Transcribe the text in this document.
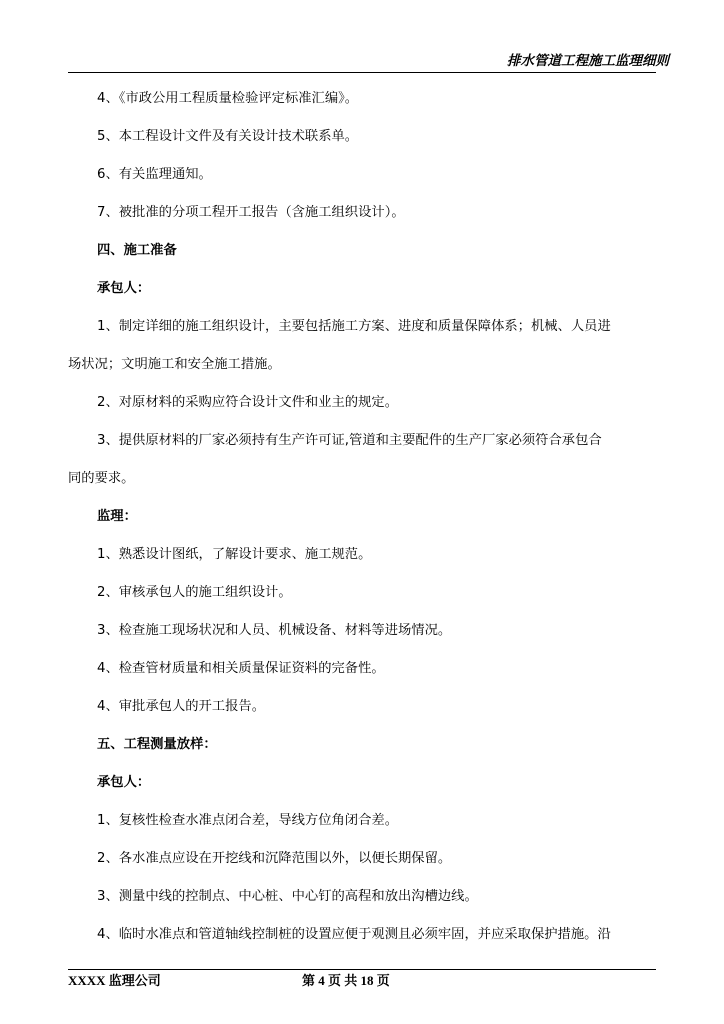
排水管道工程施工监理细则
4、《市政公用工程质量检验评定标准汇编》。
5、本工程设计文件及有关设计技术联系单。
6、有关监理通知。
7、被批准的分项工程开工报告（含施工组织设计）。
四、施工准备
承包人：
1、制定详细的施工组织设计，主要包括施工方案、进度和质量保障体系；机械、人员进
场状况；文明施工和安全施工措施。
2、对原材料的采购应符合设计文件和业主的规定。
3、提供原材料的厂家必须持有生产许可证,管道和主要配件的生产厂家必须符合承包合
同的要求。
监理：
1、熟悉设计图纸，了解设计要求、施工规范。
2、审核承包人的施工组织设计。
3、检查施工现场状况和人员、机械设备、材料等进场情况。
4、检查管材质量和相关质量保证资料的完备性。
4、审批承包人的开工报告。
五、工程测量放样：
承包人：
1、复核性检查水准点闭合差，导线方位角闭合差。
2、各水准点应设在开挖线和沉降范围以外，以便长期保留。
3、测量中线的控制点、中心桩、中心钉的高程和放出沟槽边线。
4、临时水准点和管道轴线控制桩的设置应便于观测且必须牢固，并应采取保护措施。沿
XXXX 监理公司	第 4 页 共 18 页
